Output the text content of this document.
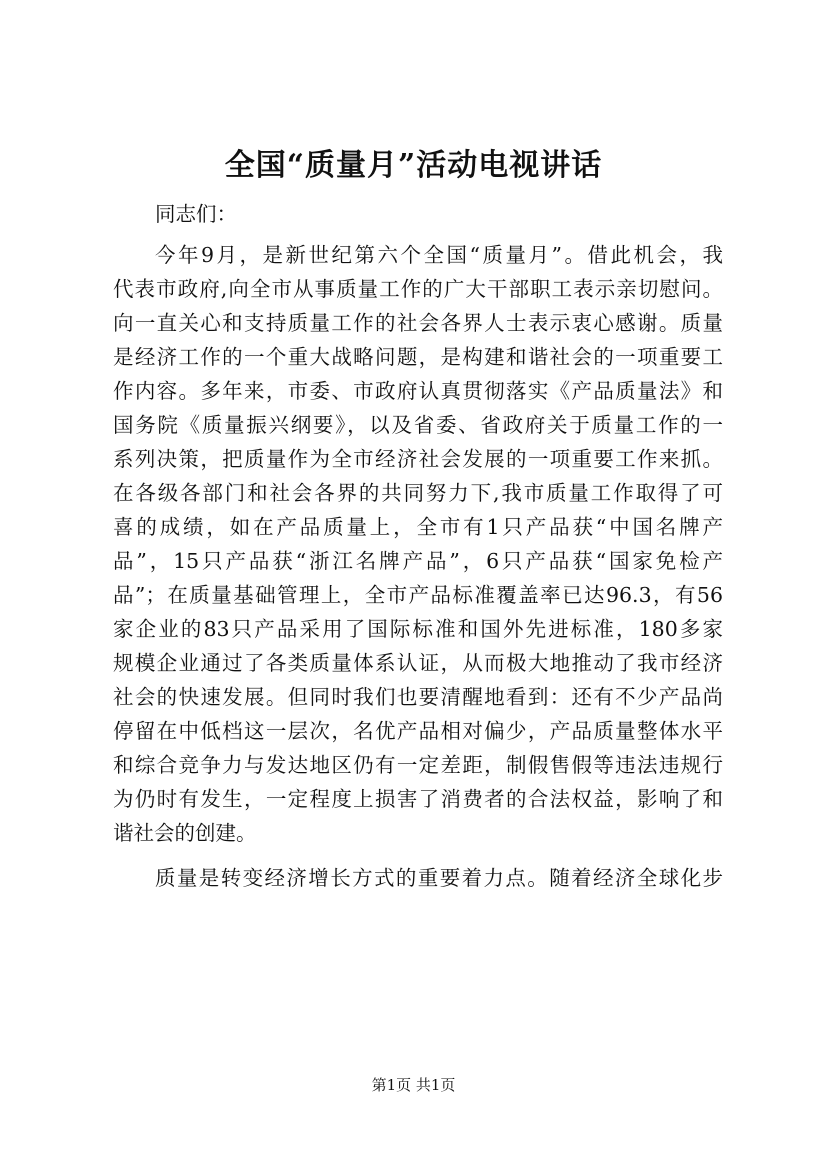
全国“质量月”活动电视讲话
同志们：
今年9月，是新世纪第六个全国“质量月”。借此机会，我
代表市政府,向全市从事质量工作的广大干部职工表示亲切慰问。
向一直关心和支持质量工作的社会各界人士表示衷心感谢。质量
是经济工作的一个重大战略问题，是构建和谐社会的一项重要工
作内容。多年来，市委、市政府认真贯彻落实《产品质量法》和
国务院《质量振兴纲要》，以及省委、省政府关于质量工作的一
系列决策，把质量作为全市经济社会发展的一项重要工作来抓。
在各级各部门和社会各界的共同努力下,我市质量工作取得了可
喜的成绩，如在产品质量上，全市有1只产品获“中国名牌产
品”，15只产品获“浙江名牌产品”，6只产品获“国家免检产
品”；在质量基础管理上，全市产品标准覆盖率已达96.3，有56
家企业的83只产品采用了国际标准和国外先进标准，180多家
规模企业通过了各类质量体系认证，从而极大地推动了我市经济
社会的快速发展。但同时我们也要清醒地看到：还有不少产品尚
停留在中低档这一层次，名优产品相对偏少，产品质量整体水平
和综合竞争力与发达地区仍有一定差距，制假售假等违法违规行
为仍时有发生，一定程度上损害了消费者的合法权益，影响了和
谐社会的创建。
质量是转变经济增长方式的重要着力点。随着经济全球化步
第1页 共1页
